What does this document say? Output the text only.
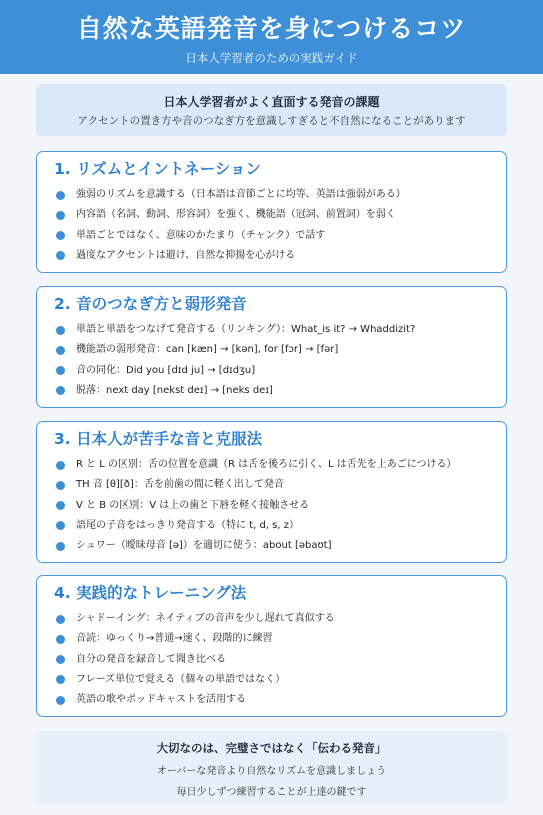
自然な英語発音を身につけるコツ
日本人学習者のための実践ガイド
日本人学習者がよく直面する発音の課題
アクセントの置き方や音のつなぎ方を意識しすぎると不自然になることがあります
1. リズムとイントネーション
強弱のリズムを意識する（日本語は音節ごとに均等、英語は強弱がある）
内容語（名詞、動詞、形容詞）を強く、機能語（冠詞、前置詞）を弱く
単語ごとではなく、意味のかたまり（チャンク）で話す
過度なアクセントは避け、自然な抑揚を心がける
2. 音のつなぎ方と弱形発音
単語と単語をつなげて発音する（リンキング）：What_is it? → Whaddizit?
機能語の弱形発音：can [kæn] → [kən], for [fɔr] → [fər]
音の同化：Did you [dɪd ju] → [dɪdʒu]
脱落：next day [nekst deɪ] → [neks deɪ]
3. 日本人が苦手な音と克服法
R と L の区別：舌の位置を意識（R は舌を後ろに引く、L は舌先を上あごにつける）
TH 音 [θ][ð]：舌を前歯の間に軽く出して発音
V と B の区別：V は上の歯と下唇を軽く接触させる
語尾の子音をはっきり発音する（特に t, d, s, z）
シュワー（曖昧母音 [ə]）を適切に使う：about [əbaʊt]
4. 実践的なトレーニング法
シャドーイング：ネイティブの音声を少し遅れて真似する
音読：ゆっくり→普通→速く、段階的に練習
自分の発音を録音して聞き比べる
フレーズ単位で覚える（個々の単語ではなく）
英語の歌やポッドキャストを活用する
大切なのは、完璧さではなく「伝わる発音」
オーバーな発音より自然なリズムを意識しましょう
毎日少しずつ練習することが上達の鍵です
